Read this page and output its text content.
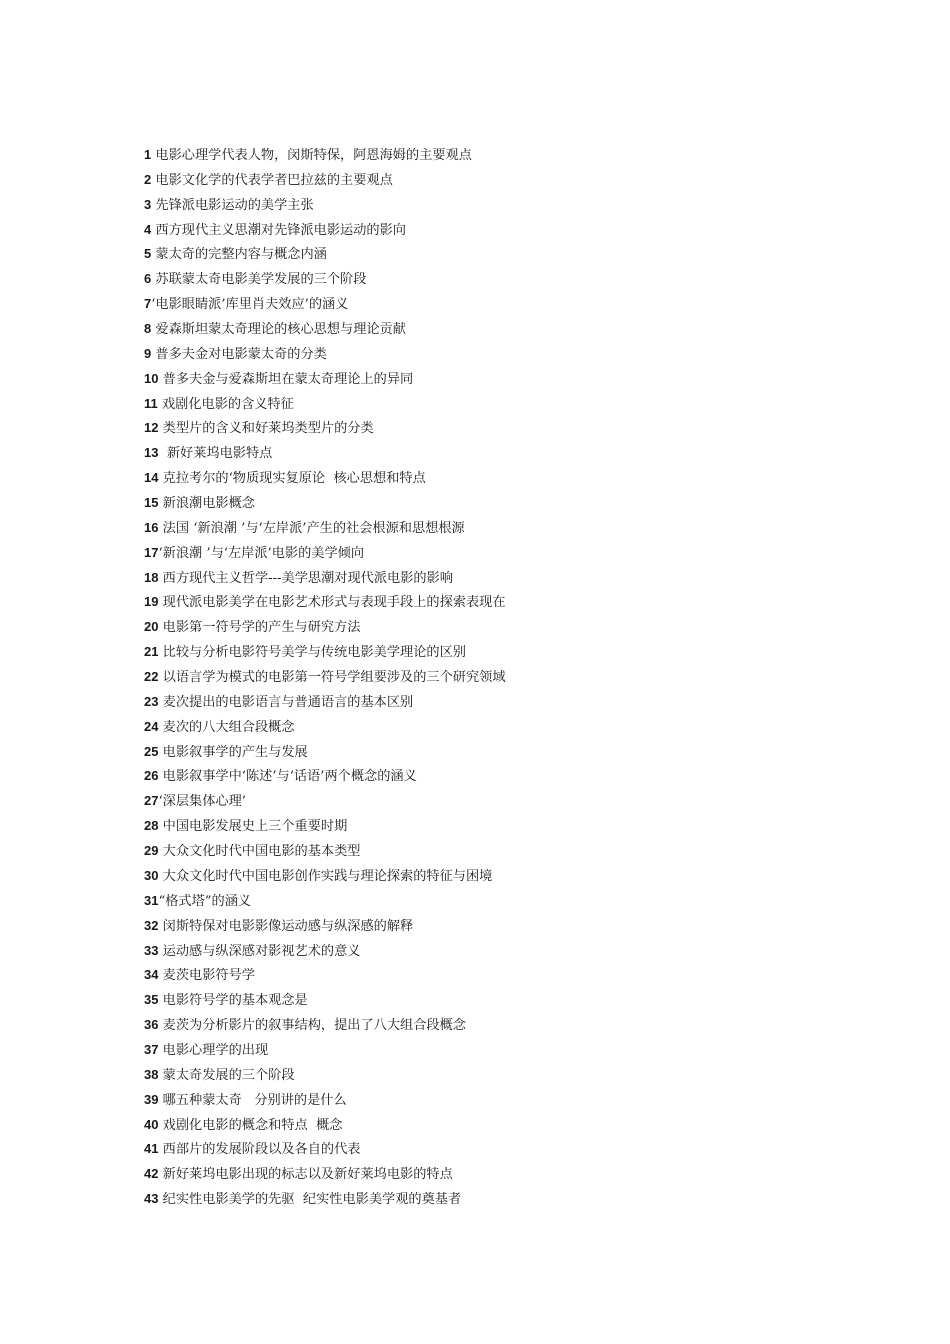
1 电影心理学代表人物，闵斯特保，阿恩海姆的主要观点
2 电影文化学的代表学者巴拉兹的主要观点
3 先锋派电影运动的美学主张
4 西方现代主义思潮对先锋派电影运动的影向
5 蒙太奇的完整内容与概念内涵
6 苏联蒙太奇电影美学发展的三个阶段
7‘电影眼睛派’库里肖夫效应’的涵义
8 爱森斯坦蒙太奇理论的核心思想与理论贡献
9 普多夫金对电影蒙太奇的分类
10 普多夫金与爱森斯坦在蒙太奇理论上的异同
11 戏剧化电影的含义特征
12 类型片的含义和好莱坞类型片的分类
13  新好莱坞电影特点
14 克拉考尔的‘物质现实复原论  核心思想和特点
15 新浪潮电影概念
16 法国 ‘新浪潮 ’与‘左岸派’产生的社会根源和思想根源
17‘新浪潮 ’与‘左岸派’电影的美学倾向
18 西方现代主义哲学---美学思潮对现代派电影的影响
19 现代派电影美学在电影艺术形式与表现手段上的探索表现在
20 电影第一符号学的产生与研究方法
21 比较与分析电影符号美学与传统电影美学理论的区别
22 以语言学为模式的电影第一符号学组要涉及的三个研究领域
23 麦次提出的电影语言与普通语言的基本区别
24 麦次的八大组合段概念
25 电影叙事学的产生与发展
26 电影叙事学中‘陈述’与‘话语’两个概念的涵义
27‘深层集体心理’
28 中国电影发展史上三个重要时期
29 大众文化时代中国电影的基本类型
30 大众文化时代中国电影创作实践与理论探索的特征与困境
31“格式塔”的涵义
32 闵斯特保对电影影像运动感与纵深感的解释
33 运动感与纵深感对影视艺术的意义
34 麦茨电影符号学
35 电影符号学的基本观念是
36 麦茨为分析影片的叙事结构，提出了八大组合段概念
37 电影心理学的出现
38 蒙太奇发展的三个阶段
39 哪五种蒙太奇   分别讲的是什么
40 戏剧化电影的概念和特点  概念
41 西部片的发展阶段以及各自的代表
42 新好莱坞电影出现的标志以及新好莱坞电影的特点
43 纪实性电影美学的先驱  纪实性电影美学观的奠基者
